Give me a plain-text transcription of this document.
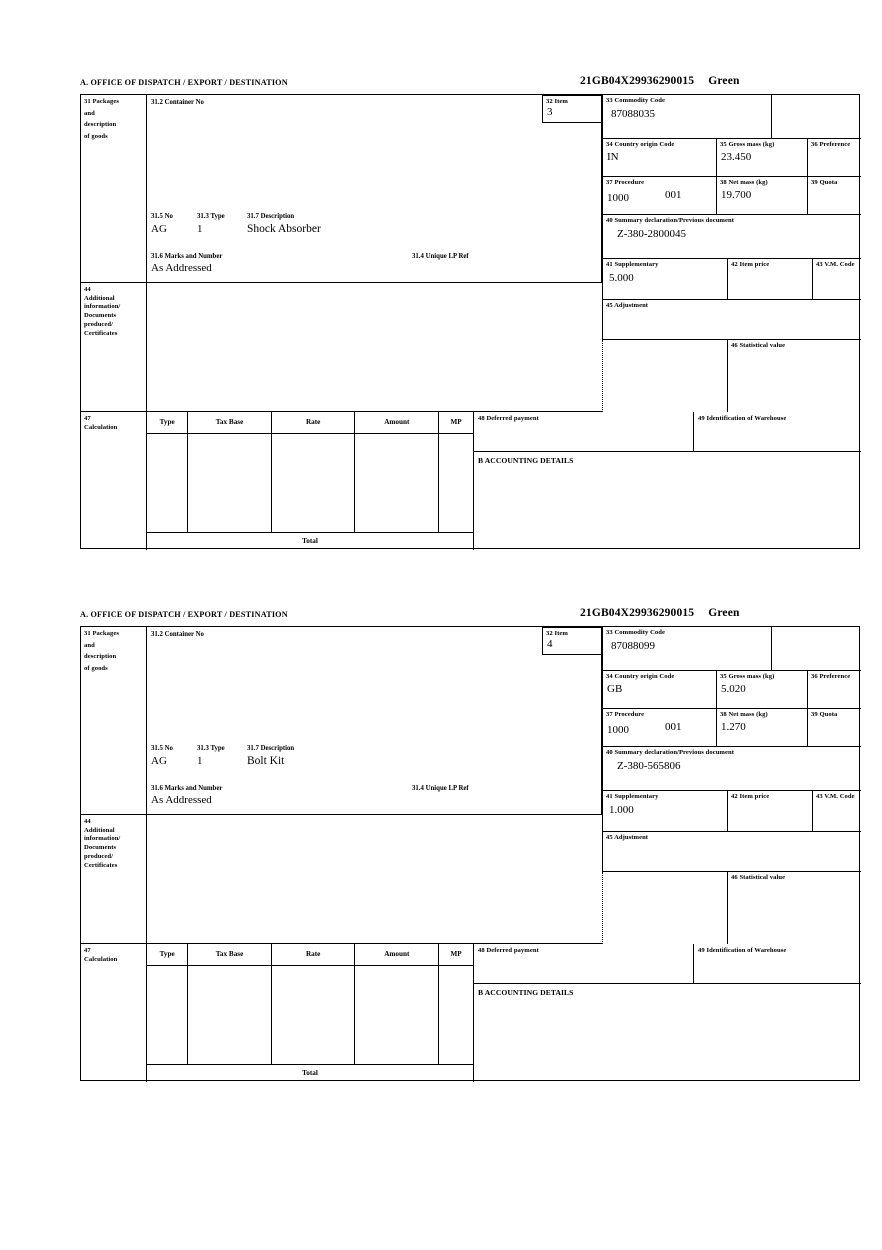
A. OFFICE OF DISPATCH / EXPORT / DESTINATION	21GB04X29936290015 Green
31 Packages
and
description
of goods
31.2 Container No
31.5 No	31.3 Type	31.7 Description
AG	1	Shock Absorber
31.6 Marks and Number	31.4 Unique LP Ref
As Addressed
32 Item
3
33 Commodity Code
87088035
34 Country origin Code
IN
35 Gross mass (kg)
23.450
36 Preference
37 Procedure
1000	001
38 Net mass (kg)
19.700
39 Quota
40 Summary declaration/Previous document
Z-380-2800045
41 Supplementary
5.000
42 Item price	43 V.M. Code
45 Adjustment
46 Statistical value
44
Additional
information/
Documents
produced/
Certificates
47
Calculation
Type	Tax Base	Rate	Amount	MP

Total				
48 Deferred payment	49 Identification of Warehouse
B ACCOUNTING DETAILS
A. OFFICE OF DISPATCH / EXPORT / DESTINATION	21GB04X29936290015 Green
31 Packages
and
description
of goods
31.2 Container No
31.5 No	31.3 Type	31.7 Description
AG	1	Bolt Kit
31.6 Marks and Number	31.4 Unique LP Ref
As Addressed
32 Item
4
33 Commodity Code
87088099
34 Country origin Code
GB
35 Gross mass (kg)
5.020
36 Preference
37 Procedure
1000	001
38 Net mass (kg)
1.270
39 Quota
40 Summary declaration/Previous document
Z-380-565806
41 Supplementary
1.000
42 Item price	43 V.M. Code
45 Adjustment
46 Statistical value
44
Additional
information/
Documents
produced/
Certificates
47
Calculation
Type	Tax Base	Rate	Amount	MP

Total				
48 Deferred payment	49 Identification of Warehouse
B ACCOUNTING DETAILS
